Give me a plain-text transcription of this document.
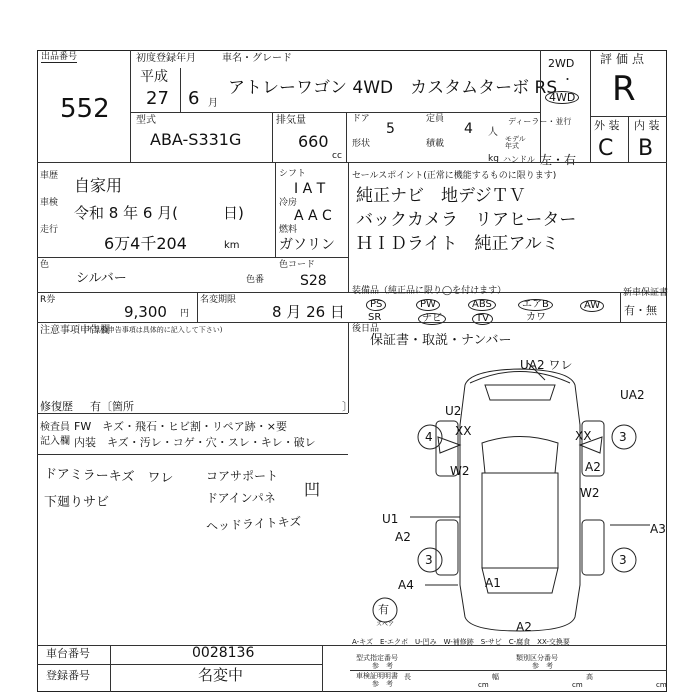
出品番号
552
初度登録年月	車名・グレード
平成
27 6 月
アトレーワゴン 4WD　カスタムターボ RS
2WD
・
4WD
評価点
R
外 装 内 装
C B
型式
ABA-S331G
排気量
660
cc
ドア
5
形状
定員
4 人
積載
kg
ディーラー・並行
モデル
年式
ハンドル 左・右
車歴 自家用
車検
令和 8 年 6 月(　　　日)
走行
6万4千204	km
シフト
I A T
冷房
A A C
燃料
ガソリン
セールスポイント(正常に機能するものに限ります)
純正ナビ　地デジＴＶ
バックカメラ　リアヒーター
ＨＩＤライト　純正アルミ
色
シルバー	色番
色コード
S28
R券
9,300 円
名変期限
8 月 26 日
装備品（純正品に限り◯を付けます）
PS	PW	ABS	エアB	AW
SR	ナビ	TV	カワ
新車保証書
有・無
注意事項申告欄
(不具合申告事項は具体的に記入して下さい)
修復歴 有〔箇所	〕
後日品
保証書・取説・ナンバー
検査員
記入欄
FW　キズ・飛石・ヒビ割・リペア跡・×要
内装　キズ・汚レ・コゲ・穴・スレ・キレ・破レ
ドアミラーキズ　ワレ
下廻りサビ
コアサポート
ドアインパネ
ヘッドライトキズ
凹
UA2 ワレ
UA2
U2
XX	XX
4	3
W2	A2
W2
U1
A2
A3
3	3
A4	A1
A2
有
スペア
A-キズ　E-エクボ　U-凹み　W-補修跡　S-サビ　C-腐食　XX-交換要
車台番号	0028136
登録番号	名変中
型式指定番号
参　考
類別区分番号
参　考
車検証明明書
参　考
長
cm
幅
cm
高
cm
